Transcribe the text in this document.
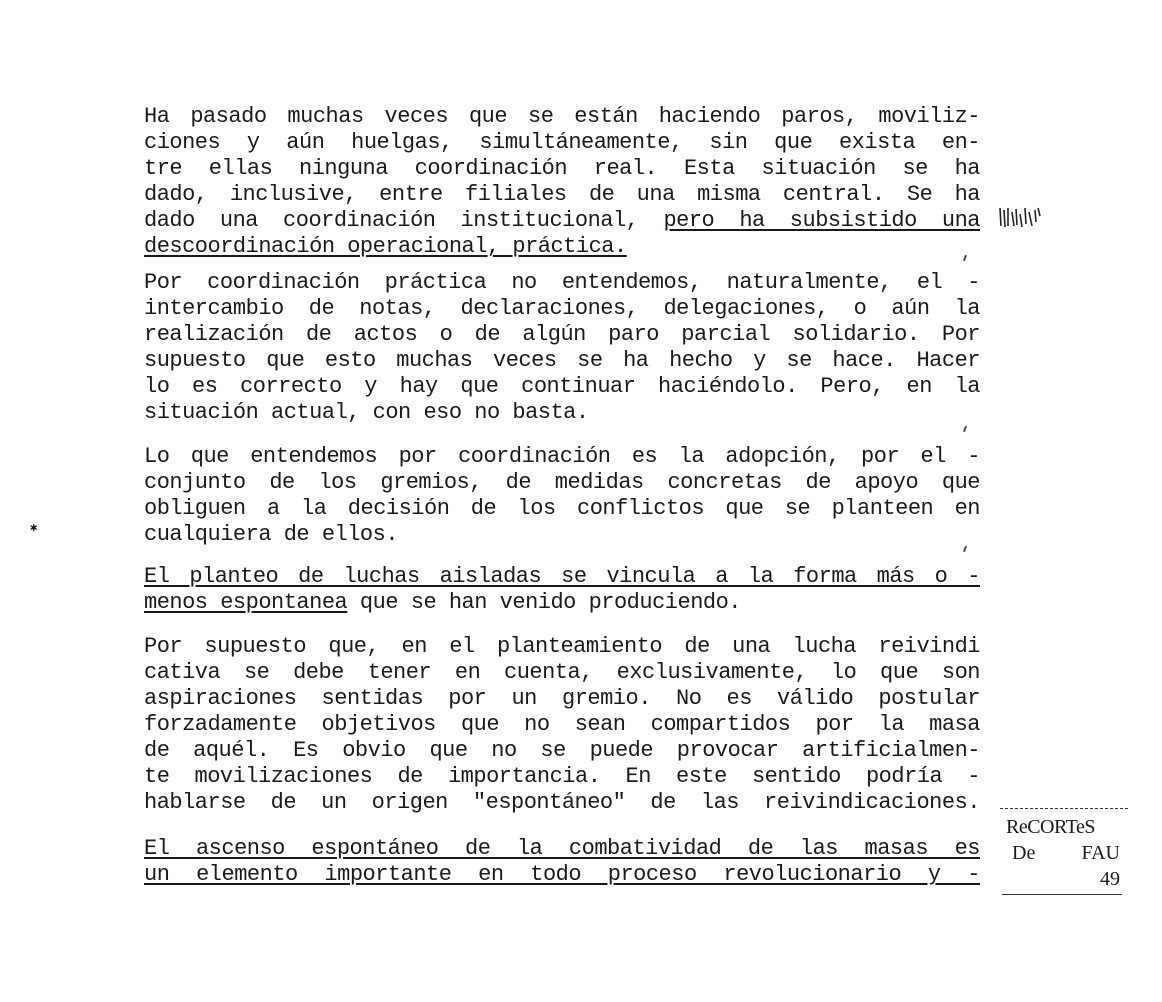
Ha pasado muchas veces que se están haciendo paros, moviliz-
ciones y aún huelgas, simultáneamente, sin que exista en-
tre ellas ninguna coordinación real. Esta situación se ha
dado, inclusive, entre filiales de una misma central. Se ha
dado una coordinación institucional, pero ha subsistido una
descoordinación operacional, práctica.
Por coordinación práctica no entendemos, naturalmente, el -
intercambio de notas, declaraciones, delegaciones, o aún la
realización de actos o de algún paro parcial solidario. Por
supuesto que esto muchas veces se ha hecho y se hace. Hacer
lo es correcto y hay que continuar haciéndolo. Pero, en la
situación actual, con eso no basta.
Lo que entendemos por coordinación es la adopción, por el -
conjunto de los gremios, de medidas concretas de apoyo que
obliguen a la decisión de los conflictos que se planteen en
cualquiera de ellos.
El planteo de luchas aisladas se vincula a la forma más o -
menos espontanea que se han venido produciendo.
Por supuesto que, en el planteamiento de una lucha reivindi
cativa se debe tener en cuenta, exclusivamente, lo que son
aspiraciones sentidas por un gremio. No es válido postular
forzadamente objetivos que no sean compartidos por la masa
de aquél. Es obvio que no se puede provocar artificialmen-
te movilizaciones de importancia. En este sentido podría -
hablarse de un origen "espontáneo" de las reivindicaciones.
El ascenso espontáneo de la combatividad de las masas es
un elemento importante en todo proceso revolucionario y -
✱
ReCORTeS
De FAU
49
